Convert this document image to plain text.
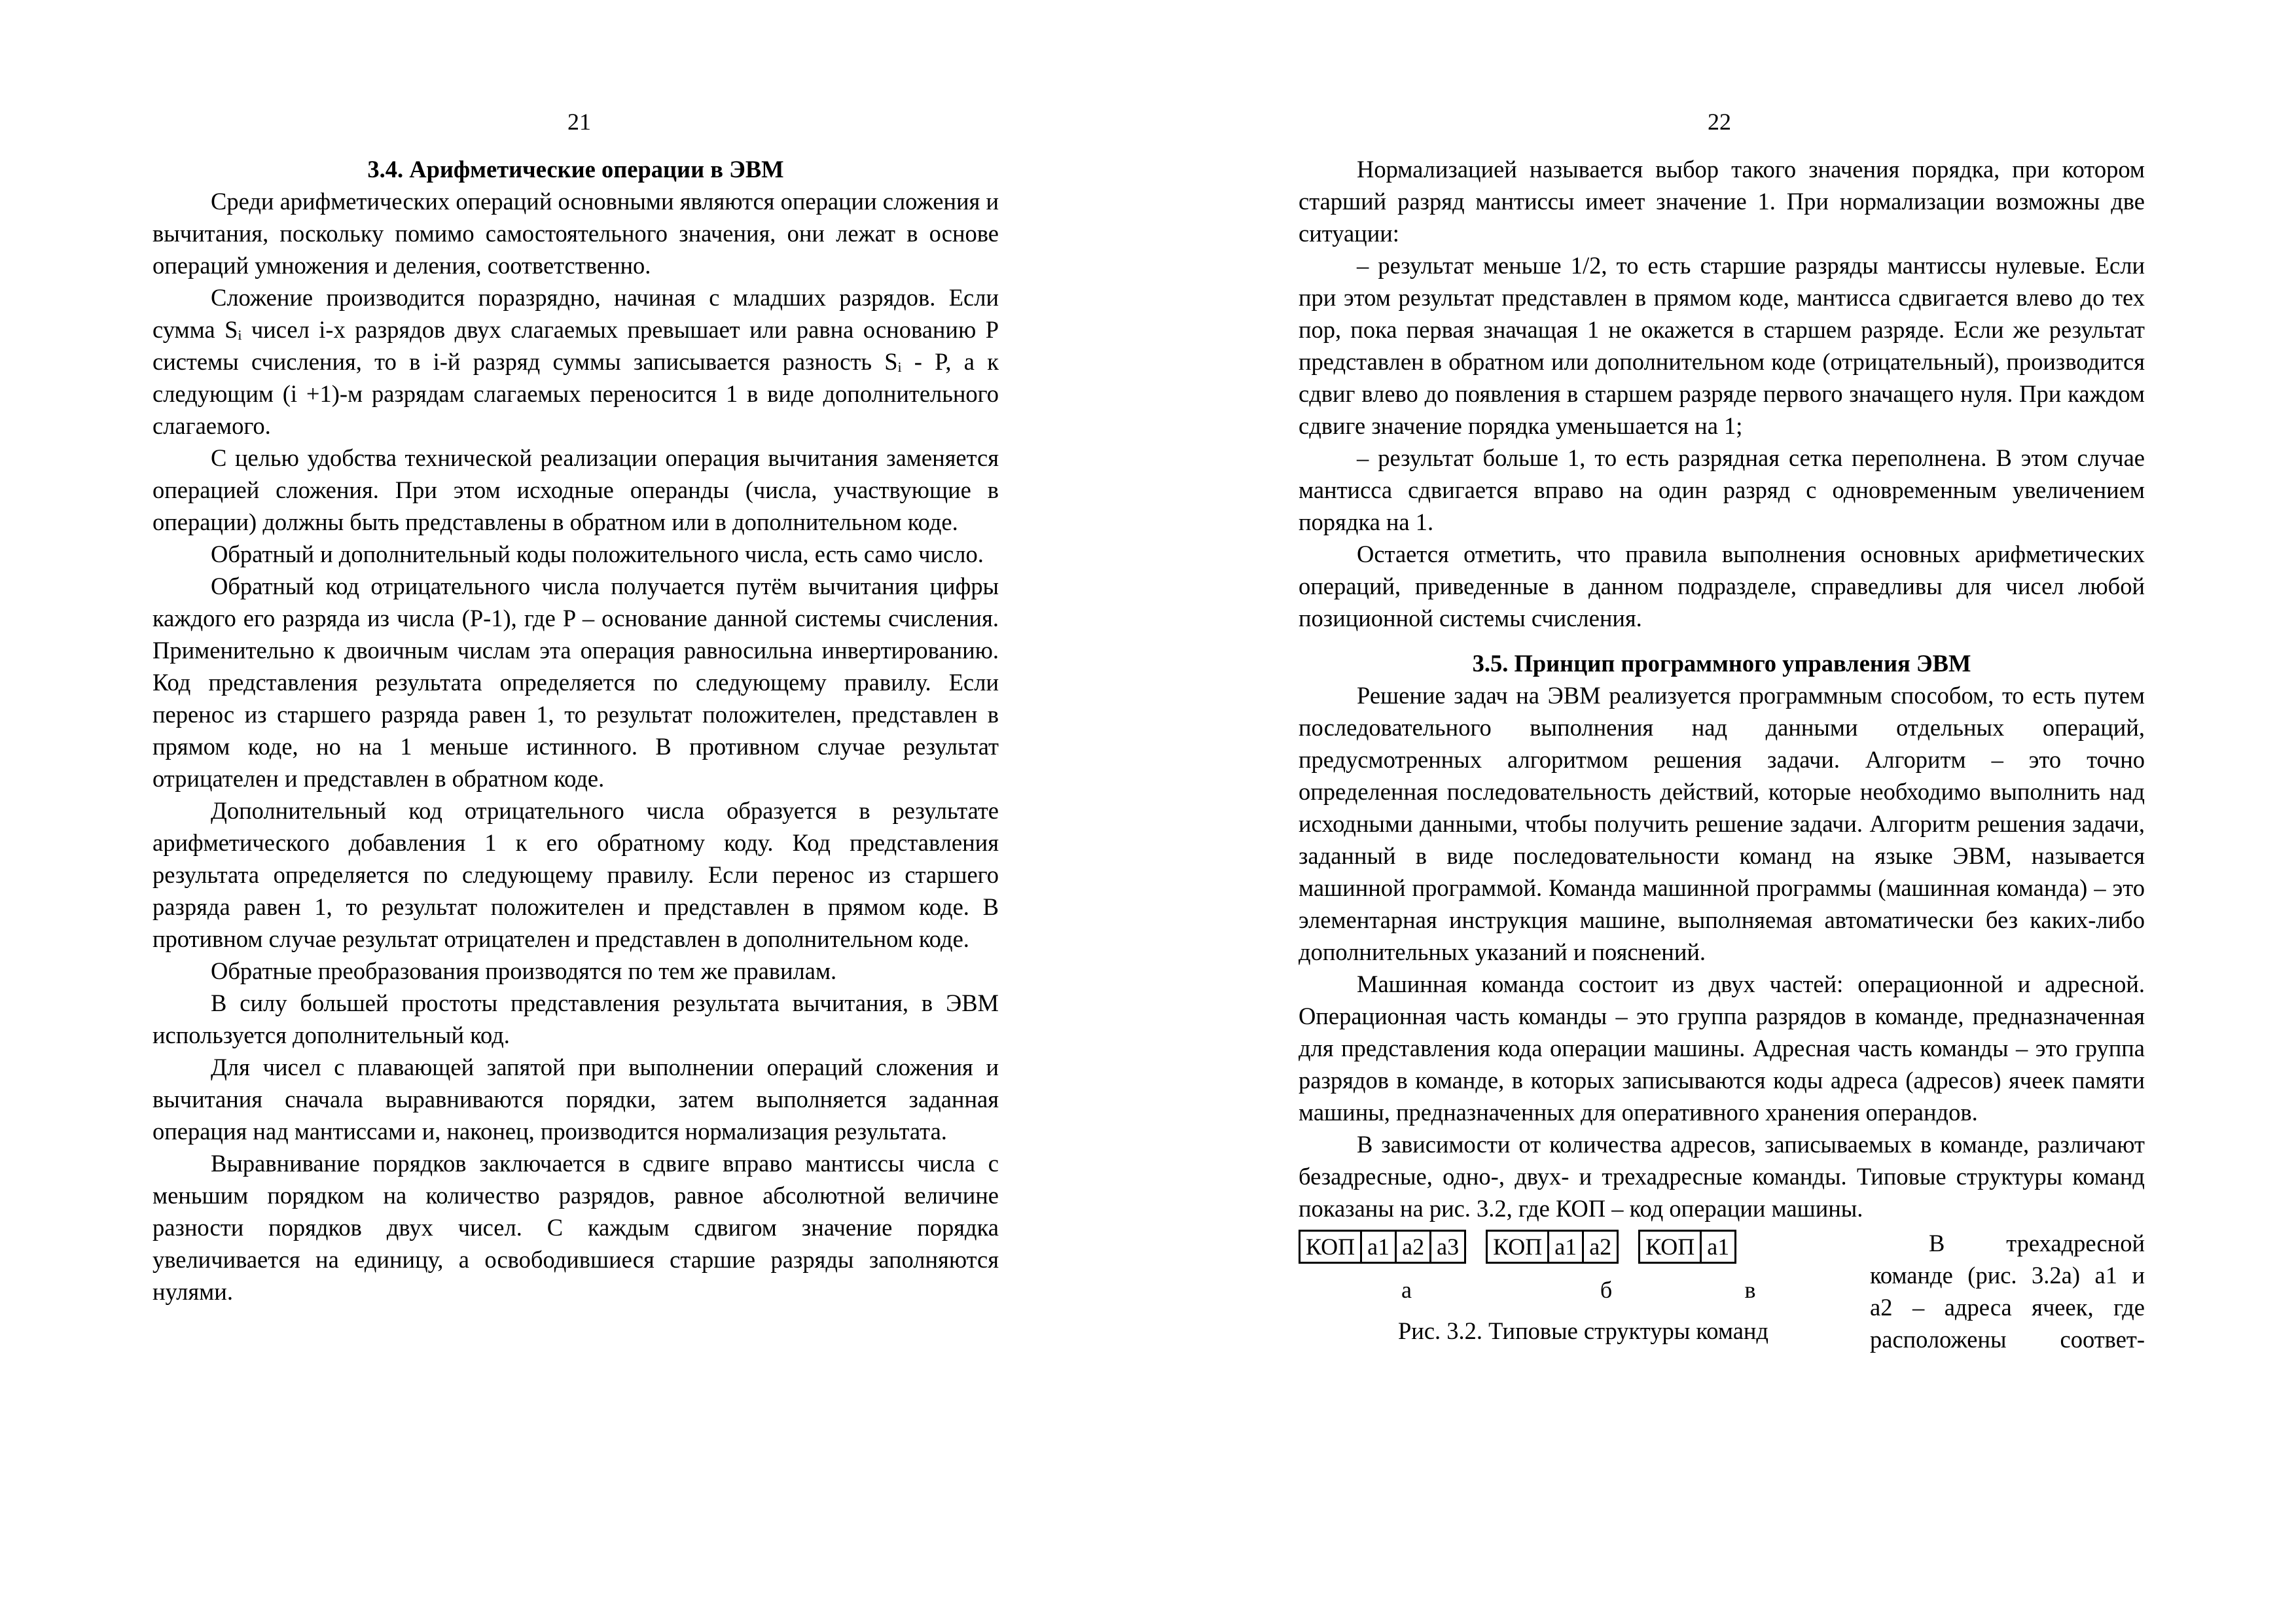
21
3.4. Арифметические операции в ЭВМ

Среди арифметических операций основными являются операции сложения и вычитания, поскольку помимо самостоятельного значения, они лежат в основе операций умножения и деления, соответственно.

Сложение производится поразрядно, начиная с младших разрядов. Если сумма Sᵢ чисел i-х разрядов двух слагаемых превышает или равна основанию P системы счисления, то в i-й разряд суммы записывается разность Sᵢ - P, а к следующим (i +1)-м разрядам слагаемых переносится 1 в виде дополнительного слагаемого.

С целью удобства технической реализации операция вычитания заменяется операцией сложения. При этом исходные операнды (числа, участвующие в операции) должны быть представлены в обратном или в дополнительном коде.

Обратный и дополнительный коды положительного числа, есть само число.

Обратный код отрицательного числа получается путём вычитания цифры каждого его разряда из числа (P-1), где P – основание данной системы счисления. Применительно к двоичным числам эта операция равносильна инвертированию. Код представления результата определяется по следующему правилу. Если перенос из старшего разряда равен 1, то результат положителен, представлен в прямом коде, но на 1 меньше истинного. В противном случае результат отрицателен и представлен в обратном коде.

Дополнительный код отрицательного числа образуется в результате арифметического добавления 1 к его обратному коду. Код представления результата определяется по следующему правилу. Если перенос из старшего разряда равен 1, то результат положителен и представлен в прямом коде. В противном случае результат отрицателен и представлен в дополнительном коде.

Обратные преобразования производятся по тем же правилам.

В силу большей простоты представления результата вычитания, в ЭВМ используется дополнительный код.

Для чисел с плавающей запятой при выполнении операций сложения и вычитания сначала выравниваются порядки, затем выполняется заданная операция над мантиссами и, наконец, производится нормализация результата.

Выравнивание порядков заключается в сдвиге вправо мантиссы числа с меньшим порядком на количество разрядов, равное абсолютной величине разности порядков двух чисел. С каждым сдвигом значение порядка увеличивается на единицу, а освободившиеся старшие разряды заполняются нулями.

22

Нормализацией называется выбор такого значения порядка, при котором старший разряд мантиссы имеет значение 1. При нормализации возможны две ситуации:

– результат меньше 1/2, то есть старшие разряды мантиссы нулевые. Если при этом результат представлен в прямом коде, мантисса сдвигается влево до тех пор, пока первая значащая 1 не окажется в старшем разряде. Если же результат представлен в обратном или дополнительном коде (отрицательный), производится сдвиг влево до появления в старшем разряде первого значащего нуля. При каждом сдвиге значение порядка уменьшается на 1;

– результат больше 1, то есть разрядная сетка переполнена. В этом случае мантисса сдвигается вправо на один разряд с одновременным увеличением порядка на 1.

Остается отметить, что правила выполнения основных арифметических операций, приведенные в данном подразделе, справедливы для чисел любой позиционной системы счисления.

3.5. Принцип программного управления ЭВМ

Решение задач на ЭВМ реализуется программным способом, то есть путем последовательного выполнения над данными отдельных операций, предусмотренных алгоритмом решения задачи. Алгоритм – это точно определенная последовательность действий, которые необходимо выполнить над исходными данными, чтобы получить решение задачи. Алгоритм решения задачи, заданный в виде последовательности команд на языке ЭВМ, называется машинной программой. Команда машинной программы (машинная команда) – это элементарная инструкция машине, выполняемая автоматически без каких-либо дополнительных указаний и пояснений.

Машинная команда состоит из двух частей: операционной и адресной. Операционная часть команды – это группа разрядов в команде, предназначенная для представления кода операции машины. Адресная часть команды – это группа разрядов в команде, в которых записываются коды адреса (адресов) ячеек памяти машины, предназначенных для оперативного хранения операндов.

В зависимости от количества адресов, записываемых в команде, различают безадресные, одно-, двух- и трехадресные команды. Типовые структуры команд показаны на рис. 3.2, где КОП – код операции машины.

КОП a1 a2 a3 КОП a1 a2 КОП a1
а	б	в
Рис. 3.2. Типовые структуры команд
В трехадресной
команде (рис. 3.2а) a1 и
a2 – адреса ячеек, где
расположены соответ-
